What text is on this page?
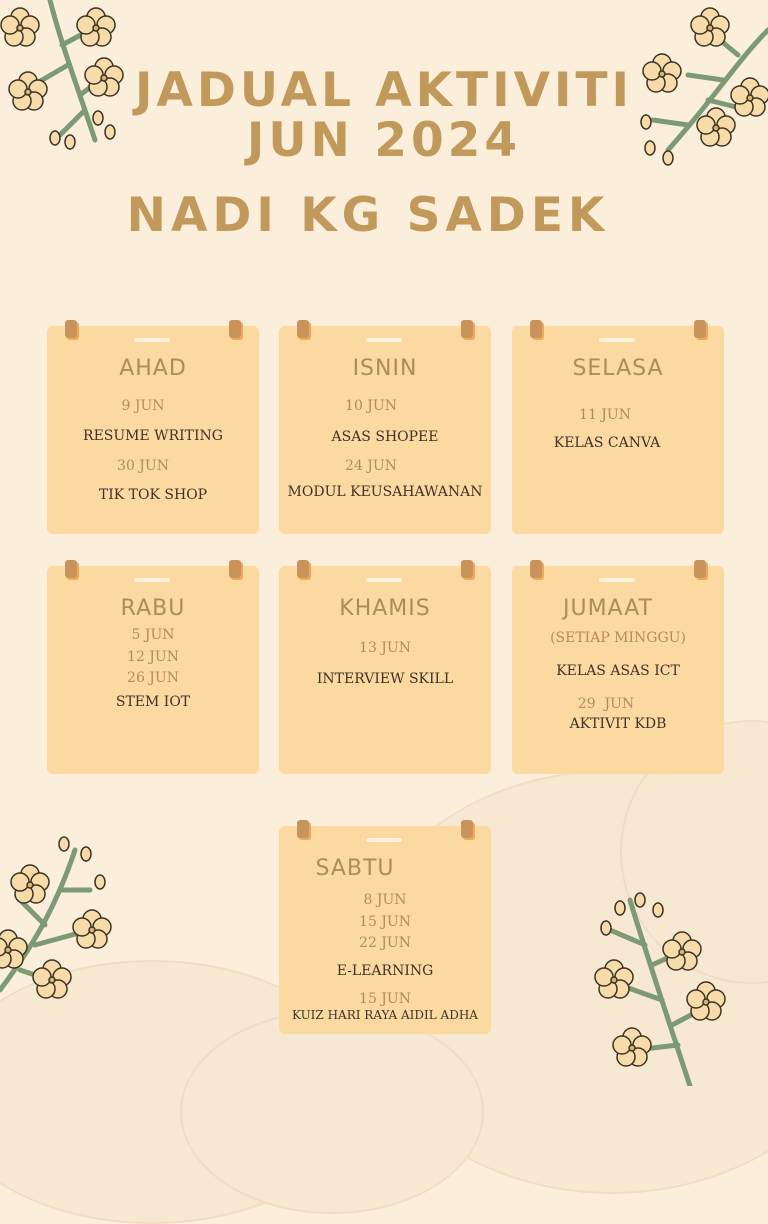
JADUAL AKTIVITI
JUN 2024
NADI KG SADEK
AHAD
9 JUN
RESUME WRITING
30 JUN
TIK TOK SHOP
ISNIN
10 JUN
ASAS SHOPEE
24 JUN
MODUL KEUSAHAWANAN
SELASA
11 JUN
KELAS CANVA
RABU
5 JUN
12 JUN
26 JUN
STEM IOT
KHAMIS
13 JUN
INTERVIEW SKILL
JUMAAT
(SETIAP MINGGU)
KELAS ASAS ICT
29  JUN
AKTIVIT KDB
SABTU
8 JUN
15 JUN
22 JUN
E-LEARNING
15 JUN
KUIZ HARI RAYA AIDIL ADHA
